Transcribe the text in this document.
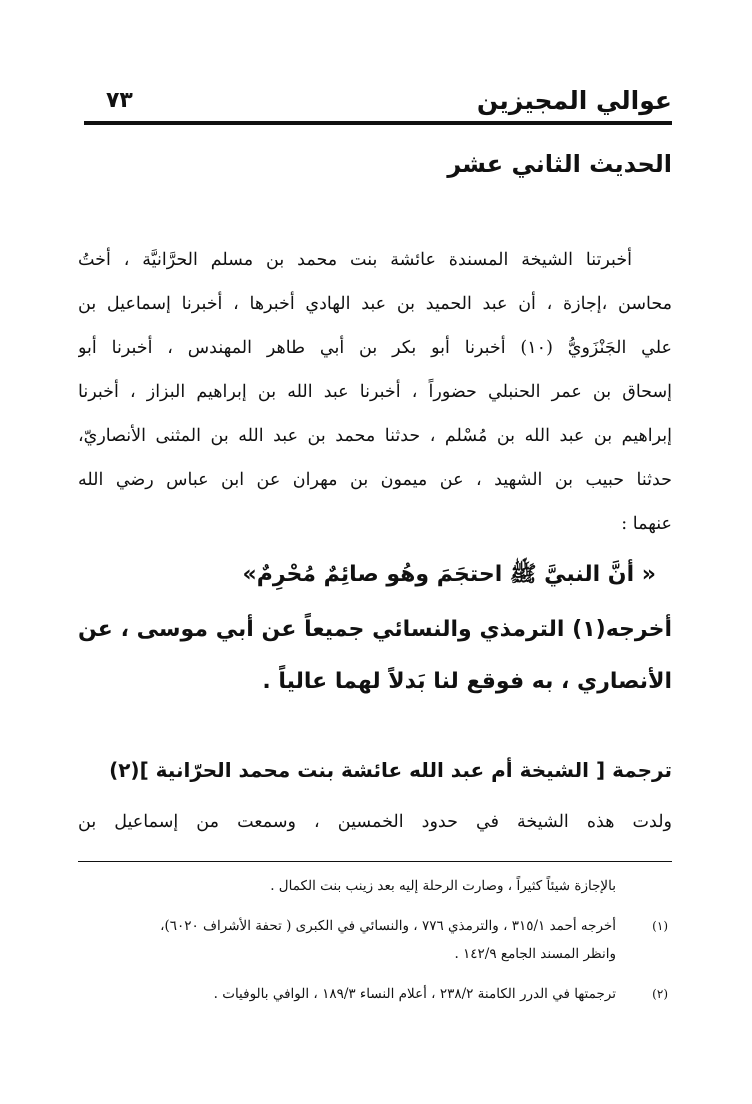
عوالي المجيزين
٧٣
الحديث الثاني عشر
أخبرتنا الشيخة المسندة عائشة بنت محمد بن مسلم الحرَّانيَّة ، أختُ
محاسن ،إجازة ، أن عبد الحميد بن عبد الهادي أخبرها ، أخبرنا إسماعيل بن
علي الجَنْزَويُّ (١٠) أخبرنا أبو بكر بن أبي طاهر المهندس ، أخبرنا أبو
إسحاق بن عمر الحنبلي حضوراً ، أخبرنا عبد الله بن إبراهيم البزاز ، أخبرنا
إبراهيم بن عبد الله بن مُسْلم ، حدثنا محمد بن عبد الله بن المثنى الأنصاريّ،
حدثنا حبيب بن الشهيد ، عن ميمون بن مهران عن ابن عباس رضي الله
عنهما :
« أنَّ النبيَّ ﷺ احتجَمَ وهُو صائِمٌ مُحْرِمٌ»
أخرجه(١) الترمذي والنسائي جميعاً عن أبي موسى ، عن
الأنصاري ، به فوقع لنا بَدلاً لهما عالياً .
ترجمة [ الشيخة أم عبد الله عائشة بنت محمد الحرّانية ](٢)
ولدت هذه الشيخة في حدود الخمسين ، وسمعت من إسماعيل بن
بالإجازة شيئاً كثيراً ، وصارت الرحلة إليه بعد زينب بنت الكمال .
(١)
أخرجه أحمد ٣١٥/١ ، والترمذي ٧٧٦ ، والنسائي في الكبرى ( تحفة الأشراف ٦٠٢٠)،
وانظر المسند الجامع ١٤٢/٩ .
(٢)
ترجمتها في الدرر الكامنة ٢٣٨/٢ ، أعلام النساء ١٨٩/٣ ، الوافي بالوفيات .
